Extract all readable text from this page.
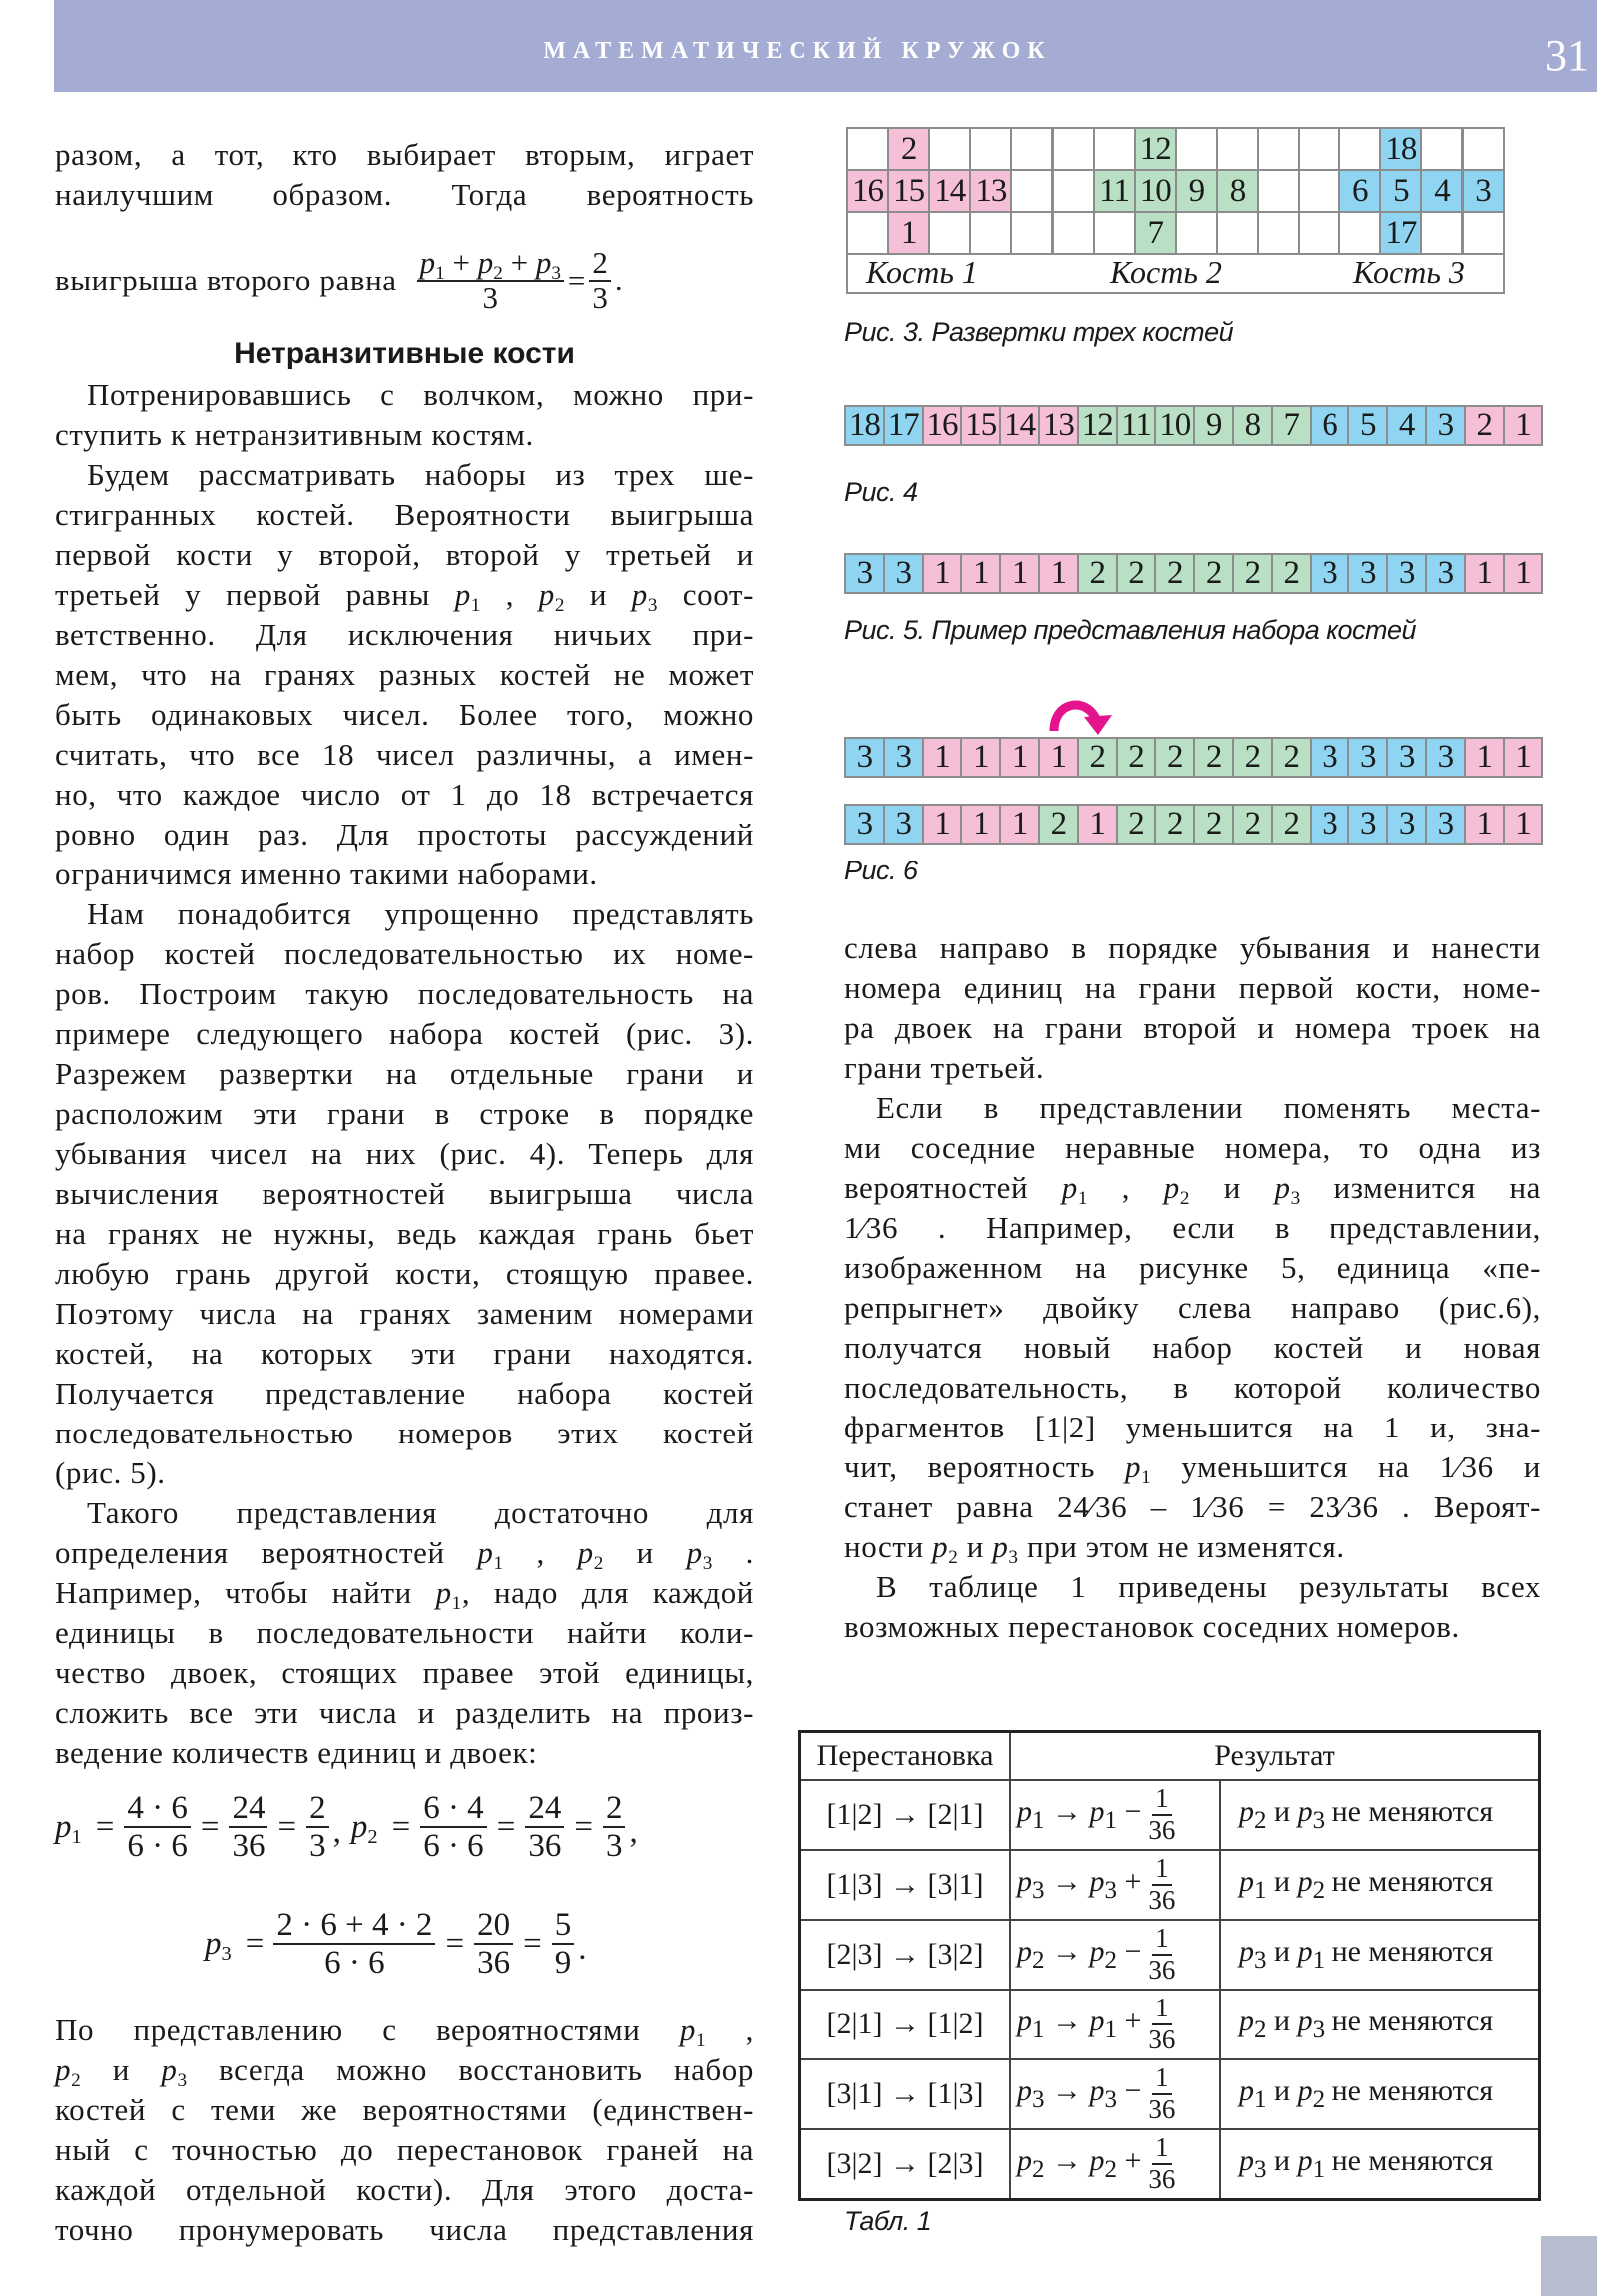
МАТЕМАТИЧЕСКИЙ КРУЖОК	31
разом, а тот, кто выбирает вторым, играет
наилучшим образом. Тогда вероятность
выигрыша второго равна $\frac{p_1 + p_2 + p_3}{3} = \frac{2}{3}$ .
Нетранзитивные кости
Потренировавшись с волчком, можно при-
ступить к нетранзитивным костям.
Будем рассматривать наборы из трех ше-
стигранных костей. Вероятности выигрыша
первой кости у второй, второй у третьей и
третьей у первой равны $p_1$ , $p_2$ и $p_3$ соот-
ветственно. Для исключения ничьих при-
мем, что на гранях разных костей не может
быть одинаковых чисел. Более того, можно
считать, что все 18 чисел различны, а имен-
но, что каждое число от 1 до 18 встречается
ровно один раз. Для простоты рассуждений
ограничимся именно такими наборами.
Нам понадобится упрощенно представлять
набор костей последовательностью их номе-
ров. Построим такую последовательность на
примере следующего набора костей (рис. 3).
Разрежем развертки на отдельные грани и
расположим эти грани в строке в порядке
убывания чисел на них (рис. 4). Теперь для
вычисления вероятностей выигрыша числа
на гранях не нужны, ведь каждая грань бьет
любую грань другой кости, стоящую правее.
Поэтому числа на гранях заменим номерами
костей, на которых эти грани находятся.
Получается представление набора костей
последовательностью номеров этих костей
(рис. 5).
Такого представления достаточно для
определения вероятностей $p_1$ , $p_2$ и $p_3$ .
Например, чтобы найти $p_1$, надо для каждой
единицы в последовательности найти коли-
чество двоек, стоящих правее этой единицы,
сложить все эти числа и разделить на произ-
ведение количеств единиц и двоек:
$p_1 = \frac{4 \cdot 6}{6 \cdot 6} = \frac{24}{36} = \frac{2}{3}$ , $p_2 = \frac{6 \cdot 4}{6 \cdot 6} = \frac{24}{36} = \frac{2}{3}$ ,
$p_3 = \frac{2 \cdot 6 + 4 \cdot 2}{6 \cdot 6} = \frac{20}{36} = \frac{5}{9}$ .
По представлению с вероятностями $p_1$ ,
$p_2$ и $p_3$ всегда можно восстановить набор
костей с теми же вероятностями (единствен-
ный с точностью до перестановок граней на
каждой отдельной кости). Для этого доста-
точно пронумеровать числа представления
2	12	18
16 15 14 13	11 10 9 8	6 5 4 3
1	7	17
Кость 1	Кость 2	Кость 3
Рис. 3. Развертки трех костей
18 17 16 15 14 13 12 11 10 9 8 7 6 5 4 3 2 1
Рис. 4
3 3 1 1 1 1 2 2 2 2 2 2 3 3 3 3 1 1
Рис. 5. Пример представления набора костей
3 3 1 1 1 1 2 2 2 2 2 2 3 3 3 3 1 1
3 3 1 1 1 2 1 2 2 2 2 2 3 3 3 3 1 1
Рис. 6
слева направо в порядке убывания и нанести
номера единиц на грани первой кости, номе-
ра двоек на грани второй и номера троек на
грани третьей.
Если в представлении поменять места-
ми соседние неравные номера, то одна из
вероятностей $p_1$ , $p_2$ и $p_3$ изменится на
1⁄36 . Например, если в представлении,
изображенном на рисунке 5, единица «пе-
репрыгнет» двойку слева направо (рис.6),
получатся новый набор костей и новая
последовательность, в которой количество
фрагментов [1|2] уменьшится на 1 и, зна-
чит, вероятность $p_1$ уменьшится на 1⁄36 и
станет равна 24⁄36 – 1⁄36 = 23⁄36 . Вероят-
ности $p_2$ и $p_3$ при этом не изменятся.
В таблице 1 приведены результаты всех
возможных перестановок соседних номеров.
Перестановка	Результат	
[1|2] → [2|1]	$p_1 \to p_1 - \frac{1}{36}$	$p_2$ и $p_3$ не меняются
[1|3] → [3|1]	$p_3 \to p_3 + \frac{1}{36}$	$p_1$ и $p_2$ не меняются
[2|3] → [3|2]	$p_2 \to p_2 - \frac{1}{36}$	$p_3$ и $p_1$ не меняются
[2|1] → [1|2]	$p_1 \to p_1 + \frac{1}{36}$	$p_2$ и $p_3$ не меняются
[3|1] → [1|3]	$p_3 \to p_3 - \frac{1}{36}$	$p_1$ и $p_2$ не меняются
[3|2] → [2|3]	$p_2 \to p_2 + \frac{1}{36}$	$p_3$ и $p_1$ не меняются
Табл. 1
